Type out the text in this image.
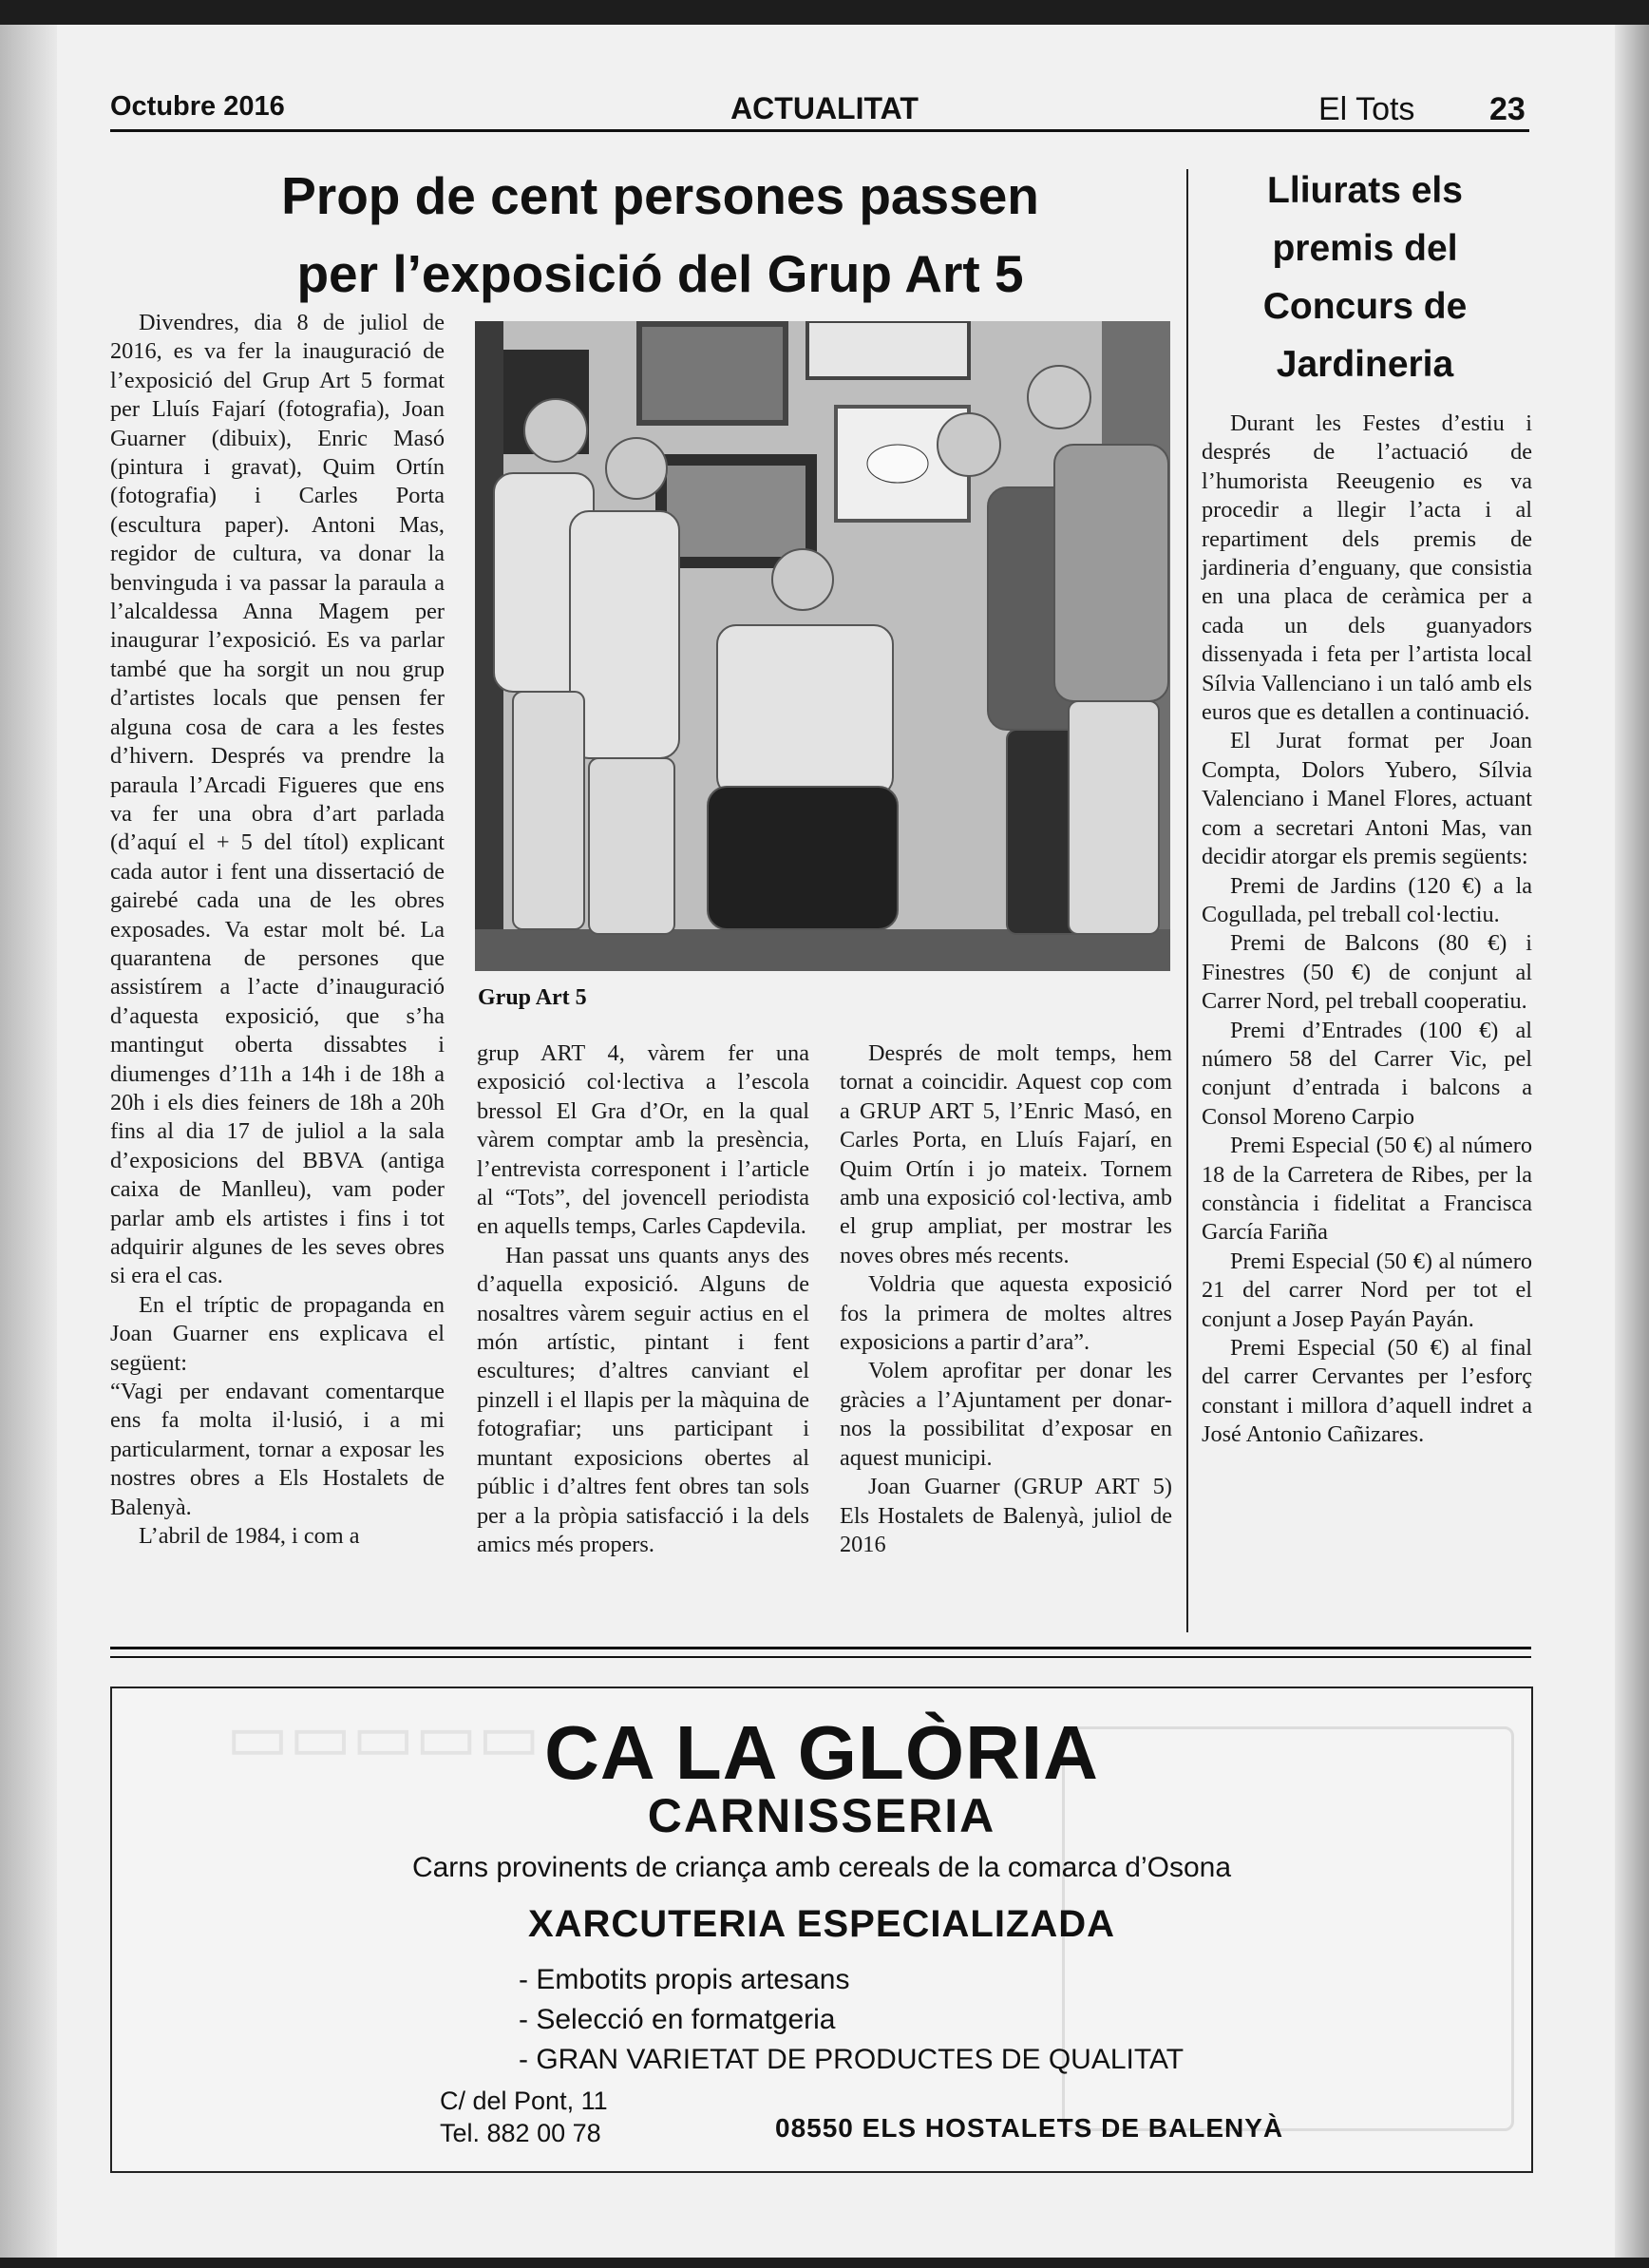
Octubre 2016	ACTUALITAT	El Tots 23
Prop de cent persones passen
per l’exposició del Grup Art 5

Divendres, dia 8 de juliol de 2016, es va fer la inauguració de l’exposició del Grup Art 5 format per Lluís Fajarí (fotografia), Joan Guarner (dibuix), Enric Masó (pintura i gravat), Quim Ortín (fotografia) i Carles Porta (escultura paper). Antoni Mas, regidor de cultura, va donar la benvinguda i va passar la paraula a l’alcaldessa Anna Magem per inaugurar l’exposició. Es va parlar també que ha sorgit un nou grup d’artistes locals que pensen fer alguna cosa de cara a les festes d’hivern. Després va prendre la paraula l’Arcadi Figueres que ens va fer una obra d’art parlada (d’aquí el + 5 del títol) explicant cada autor i fent una dissertació de gairebé cada una de les obres exposades. Va estar molt bé. La quarantena de persones que assistírem a l’acte d’inauguració d’aquesta exposició, que s’ha mantingut oberta dissabtes i diumenges d’11h a 14h i de 18h a 20h i els dies feiners de 18h a 20h fins al dia 17 de juliol a la sala d’exposicions del BBVA (antiga caixa de Manlleu), vam poder parlar amb els artistes i fins i tot adquirir algunes de les seves obres si era el cas.

En el tríptic de propaganda en Joan Guarner ens explicava el següent:

“Vagi per endavant comentarque ens fa molta il·lusió, i a mi particularment, tornar a exposar les nostres obres a Els Hostalets de Balenyà.

L’abril de 1984, i com a

Grup Art 5

grup ART 4, vàrem fer una exposició col·lectiva a l’escola bressol El Gra d’Or, en la qual vàrem comptar amb la presència, l’entrevista corresponent i l’article al “Tots”, del jovencell periodista en aquells temps, Carles Capdevila.

Han passat uns quants anys des d’aquella exposició. Alguns de nosaltres vàrem seguir actius en el món artístic, pintant i fent escultures; d’altres canviant el pinzell i el llapis per la màquina de fotografiar; uns participant i muntant exposicions obertes al públic i d’altres fent obres tan sols per a la pròpia satisfacció i la dels amics més propers.

Després de molt temps, hem tornat a coincidir. Aquest cop com a GRUP ART 5, l’Enric Masó, en Carles Porta, en Lluís Fajarí, en Quim Ortín i jo mateix. Tornem amb una exposició col·lectiva, amb el grup ampliat, per mostrar les noves obres més recents.

Voldria que aquesta exposició fos la primera de moltes altres exposicions a partir d’ara”.

Volem aprofitar per donar les gràcies a l’Ajuntament per donar-nos la possibilitat d’exposar en aquest municipi.

Joan Guarner (GRUP ART 5) Els Hostalets de Balenyà, juliol de 2016

Lliurats els
premis del
Concurs de
Jardineria

Durant les Festes d’estiu i després de l’actuació de l’humorista Reeugenio es va procedir a llegir l’acta i al repartiment dels premis de jardineria d’enguany, que consistia en una placa de ceràmica per a cada un dels guanyadors dissenyada i feta per l’artista local Sílvia Vallenciano i un taló amb els euros que es detallen a continuació.

El Jurat format per Joan Compta, Dolors Yubero, Sílvia Valenciano i Manel Flores, actuant com a secretari Antoni Mas, van decidir atorgar els premis següents:

Premi de Jardins (120 €) a la Cogullada, pel treball col·lectiu.

Premi de Balcons (80 €) i Finestres (50 €) de conjunt al Carrer Nord, pel treball cooperatiu.

Premi d’Entrades (100 €) al número 58 del Carrer Vic, pel conjunt d’entrada i balcons a Consol Moreno Carpio

Premi Especial (50 €) al número 18 de la Carretera de Ribes, per la constància i fidelitat a Francisca García Fariña

Premi Especial (50 €) al número 21 del carrer Nord per tot el conjunt a Josep Payán Payán.

Premi Especial (50 €) al final del carrer Cervantes per l’esforç constant i millora d’aquell indret a José Antonio Cañizares.

▭▭▭▭▭ CA LA GLÒRIA
CARNISSERIA
Carns provinents de criança amb cereals de la comarca d’Osona
XARCUTERIA ESPECIALIZADA
- Embotits propis artesans
- Selecció en formatgeria
- GRAN VARIETAT DE PRODUCTES DE QUALITAT
C/ del Pont, 11
Tel. 882 00 78	08550 ELS HOSTALETS DE BALENYÀ
